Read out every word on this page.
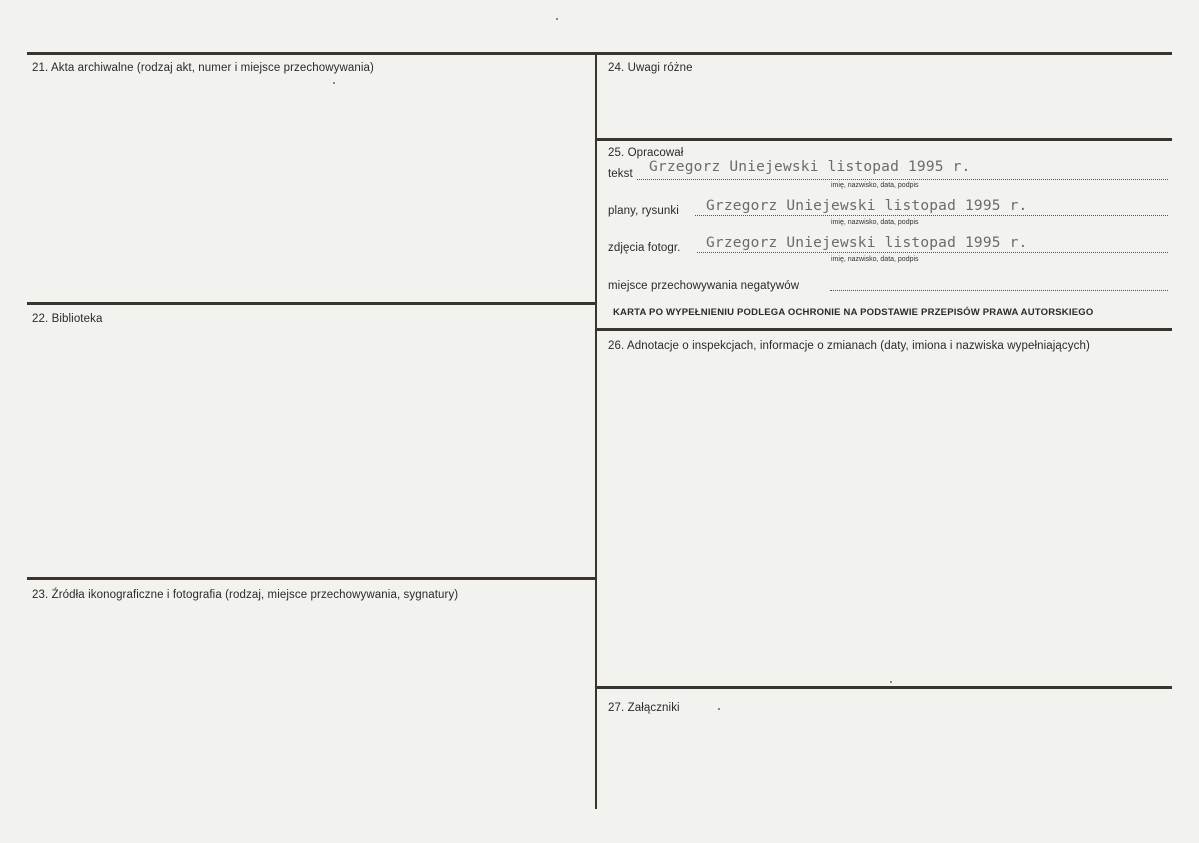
21. Akta archiwalne (rodzaj akt, numer i miejsce przechowywania)
22. Biblioteka
23. Źródła ikonograficzne i fotografia (rodzaj, miejsce przechowywania, sygnatury)
24. Uwagi różne
25. Opracował
tekst Grzegorz Uniejewski listopad 1995 r.
imię, nazwisko, data, podpis
plany, rysunki Grzegorz Uniejewski listopad 1995 r.
imię, nazwisko, data, podpis
zdjęcia fotogr. Grzegorz Uniejewski listopad 1995 r.
imię, nazwisko, data, podpis
miejsce przechowywania negatywów
KARTA PO WYPEŁNIENIU PODLEGA OCHRONIE NA PODSTAWIE PRZEPISÓW PRAWA AUTORSKIEGO
26. Adnotacje o inspekcjach, informacje o zmianach (daty, imiona i nazwiska wypełniających)
27. Załączniki
